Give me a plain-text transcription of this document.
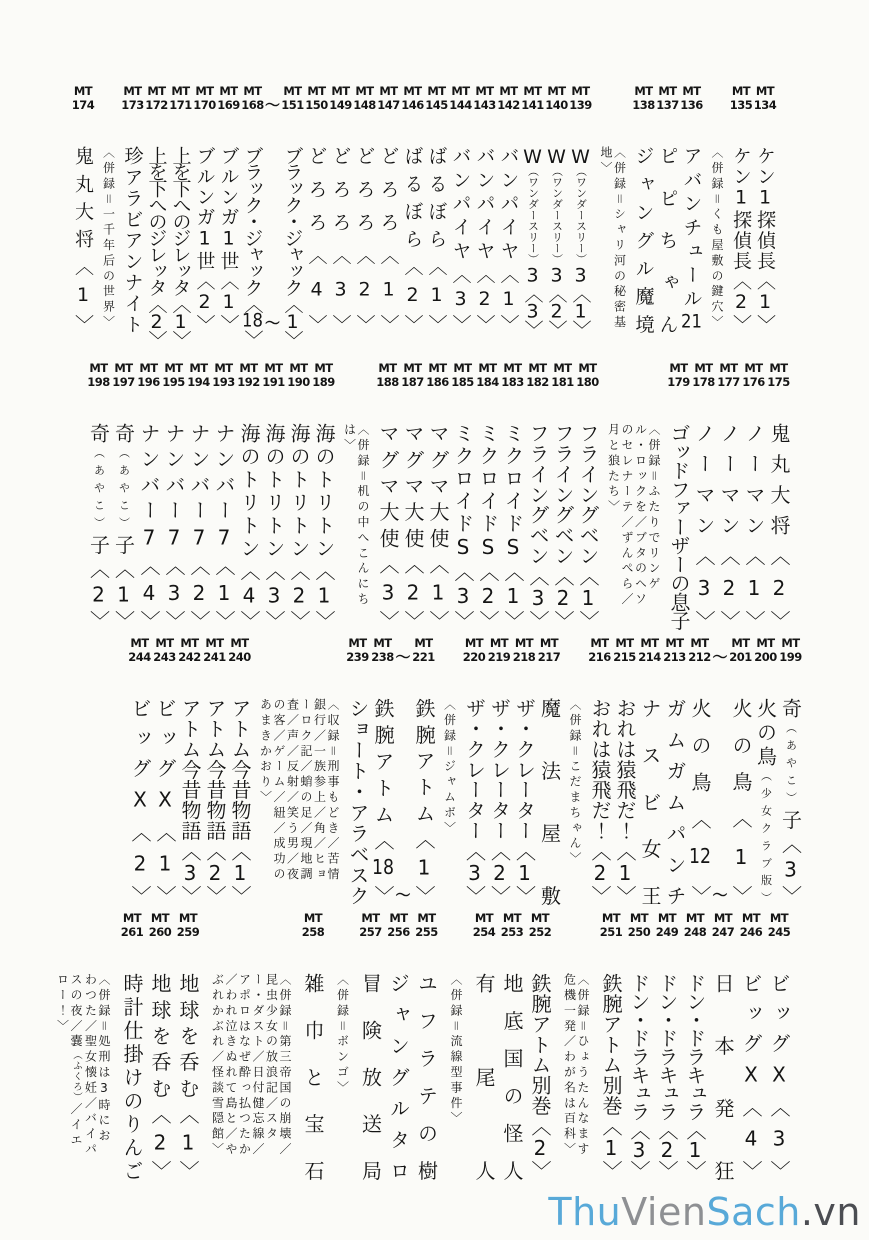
MT
134
ケン1探偵長〈1〉
MT
135
ケン1探偵長〈2〉
〈併録＝くも屋敷の鍵穴〉
MT
136
アバンチュール21
MT
137
ピピちゃん
MT
138
ジャングル魔境
〈併録＝シャリ河の秘密基地〉
MT
139
W（ワンダースリー）3〈1〉
MT
140
W（ワンダースリー）3〈2〉
MT
141
W（ワンダースリー）3〈3〉
MT
142
バンパイヤ〈1〉
MT
143
バンパイヤ〈2〉
MT
144
バンパイヤ〈3〉
MT
145
ばるぼら〈1〉
MT
146
ばるぼら〈2〉
MT
147
どろろ〈1〉
MT
148
どろろ〈2〉
MT
149
どろろ〈3〉
MT
150
どろろ〈4〉
MT
151
ブラック・ジャック〈1〉
〜
〜
MT
168
ブラック・ジャック〈18〉
MT
169
ブルンガ1世〈1〉
MT
170
ブルンガ1世〈2〉
MT
171
上を下へのジレッタ〈1〉
MT
172
上を下へのジレッタ〈2〉
MT
173
珍アラビアンナイト
〈併録＝一千年后の世界〉
MT
174
鬼丸大将〈1〉
MT
175
鬼丸大将〈2〉
MT
176
ノーマン〈1〉
MT
177
ノーマン〈2〉
MT
178
ノーマン〈3〉
MT
179
ゴッドファーザーの息子
〈併録＝ふたりでリンゲル・ロックを／ブタのヘソのセレナーテ／ずんぺら／月と狼たち〉
MT
180
フライングベン〈1〉
MT
181
フライングベン〈2〉
MT
182
フライングベン〈3〉
MT
183
ミクロイドS〈1〉
MT
184
ミクロイドS〈2〉
MT
185
ミクロイドS〈3〉
MT
186
マグマ大使〈1〉
MT
187
マグマ大使〈2〉
MT
188
マグマ大使〈3〉
〈併録＝机の中へこんにちは〉
MT
189
海のトリトン〈1〉
MT
190
海のトリトン〈2〉
MT
191
海のトリトン〈3〉
MT
192
海のトリトン〈4〉
MT
193
ナンバー7〈1〉
MT
194
ナンバー7〈2〉
MT
195
ナンバー7〈3〉
MT
196
ナンバー7〈4〉
MT
197
奇（あやこ）子〈1〉
MT
198
奇（あやこ）子〈2〉
MT
199
奇（あやこ）子〈3〉
MT
200
火の鳥（少女クラブ版）
MT
201
火の鳥〈1〉
〜
〜
MT
212
火の鳥〈12〉
MT
213
ガムガムパンチ
MT
214
ナスビ女王
MT
215
おれは猿飛だ！〈1〉
MT
216
おれは猿飛だ！〈2〉
〈併録＝こだまちゃん〉
MT
217
魔法屋敷
MT
218
ザ・クレーター〈1〉
MT
219
ザ・クレーター〈2〉
MT
220
ザ・クレーター〈3〉
〈併録＝ジャムボ〉
MT
221
鉄腕アトム〈1〉
〜
〜
MT
238
鉄腕アトム〈18〉
MT
239
ショート・アラベスク
〈収録＝刑事もどき／苦情銀行／一族参上／角／ヒョーロク記／蛸の足／現地調査／声／反射／笑う男／夜の客／ゲーム／紐／成功のあまきかおり〉
MT
240
アトム今昔物語〈1〉
MT
241
アトム今昔物語〈2〉
MT
242
アトム今昔物語〈3〉
MT
243
ビッグX〈1〉
MT
244
ビッグX〈2〉
MT
245
ビッグX〈3〉
MT
246
ビッグX〈4〉
MT
247
日本発狂
MT
248
ドン・ドラキュラ〈1〉
MT
249
ドン・ドラキュラ〈2〉
MT
250
ドン・ドラキュラ〈3〉
MT
251
鉄腕アトム別巻〈1〉
〈併録＝ひょうたんなます危機一発／わが名は百科〉
MT
252
鉄腕アトム別巻〈2〉
MT
253
地底国の怪人
MT
254
有尾人
〈併録＝流線型事件〉
MT
255
ユフラテの樹
MT
256
ジャングルタロ
MT
257
冒険放送局
〈併録＝ボンゴ〉
MT
258
雑巾と宝石
〈併録＝第三帝国の崩壊／昆虫少女の放浪記／スター・ダスト／日付健忘線／アポロはなぜ酔っ払つたか／われ泣きぬれて島と／やぶれかぶれ／怪談雪隠館〉
MT
259
地球を呑む〈1〉
MT
260
地球を呑む〈2〉
MT
261
時計仕掛けのりんご
〈併録＝処刑は3時におわつた／聖女懐妊／バイパスの夜／嚢（ふくろ）／イエロー！〉
ThuVienSach.vn
